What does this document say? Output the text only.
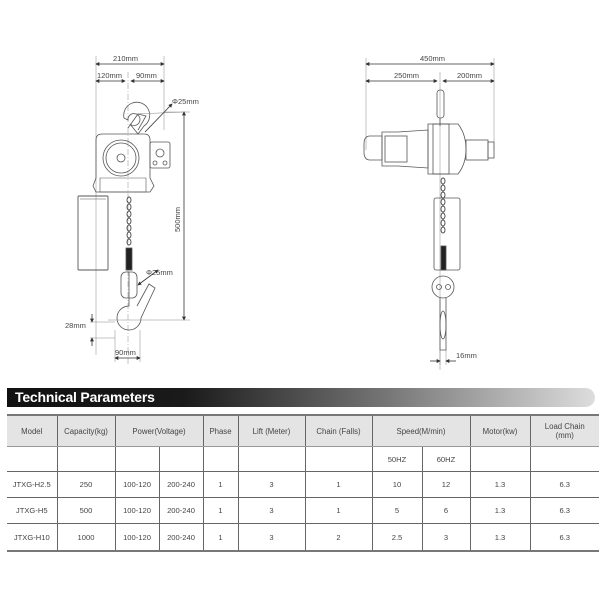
210mm
120mm 90mm
Φ25mm
500mm
Φ25mm
28mm
90mm
450mm
250mm	200mm
16mm
Technical Parameters
Model	Capacity(kg)	Power(Voltage)		Phase	Lift (Meter)	Chain (Falls)	Speed(M/min)		Motor(kw)	Load Chain (mm)
							50HZ	60HZ		
JTXG-H2.5	250	100-120	200-240	1	3	1	10	12	1.3	6.3
JTXG-H5	500	100-120	200-240	1	3	1	5	6	1.3	6.3
JTXG-H10	1000	100-120	200-240	1	3	2	2.5	3	1.3	6.3
